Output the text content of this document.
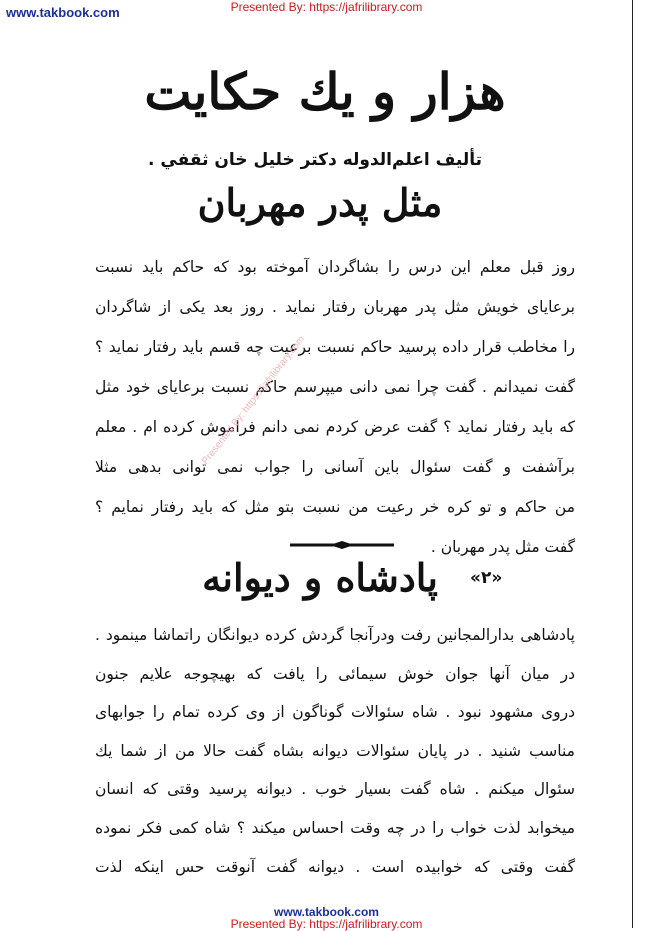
www.takbook.com	Presented By: https://jafrilibrary.com
هزار و يك حكايت
تأليف اعلم‌الدوله دكتر خليل خان ثقفي .
مثل پدر مهربان
روز قبل معلم اين درس را بشاگردان آموخته بود كه حاكم بايد نسبت
برعاياى خويش مثل پدر مهربان رفتار نمايد . روز بعد يكى از شاگردان
را مخاطب قرار داده پرسيد حاكم نسبت برعيت چه قسم بايد رفتار نمايد ؟
گفت نميدانم . گفت چرا نمى دانى ميپرسم حاكم نسبت برعاياى خود مثل
كه بايد رفتار نمايد ؟ گفت عرض كردم نمى دانم فراموش كرده ام . معلم
برآشفت و گفت سئوال باين آسانى را جواب نمى توانى بدهى مثلا
من حاكم و تو كره خر رعيت من نسبت بتو مثل كه بايد رفتار نمايم ؟
گفت مثل پدر مهربان .
«۲»
پادشاه و ديوانه
پادشاهى بدارالمجانين رفت ودرآنجا گردش كرده ديوانگان راتماشا مينمود .
در ميان آنها جوان خوش سيمائى را يافت كه بهيچوجه علايم جنون
دروى مشهود نبود . شاه سئوالات گوناگون از وى كرده تمام را جوابهاى
مناسب شنيد . در پايان سئوالات ديوانه بشاه گفت حالا من از شما يك
سئوال ميكنم . شاه گفت بسيار خوب . ديوانه پرسيد وقتى كه انسان
ميخوابد لذت خواب را در چه وقت احساس ميكند ؟ شاه كمى فكر نموده
گفت وقتى كه خوابيده است . ديوانه گفت آنوقت حس اينكه لذت
Presented By: https://jafrilibrary.com
www.takbook.com
Presented By: https://jafrilibrary.com
